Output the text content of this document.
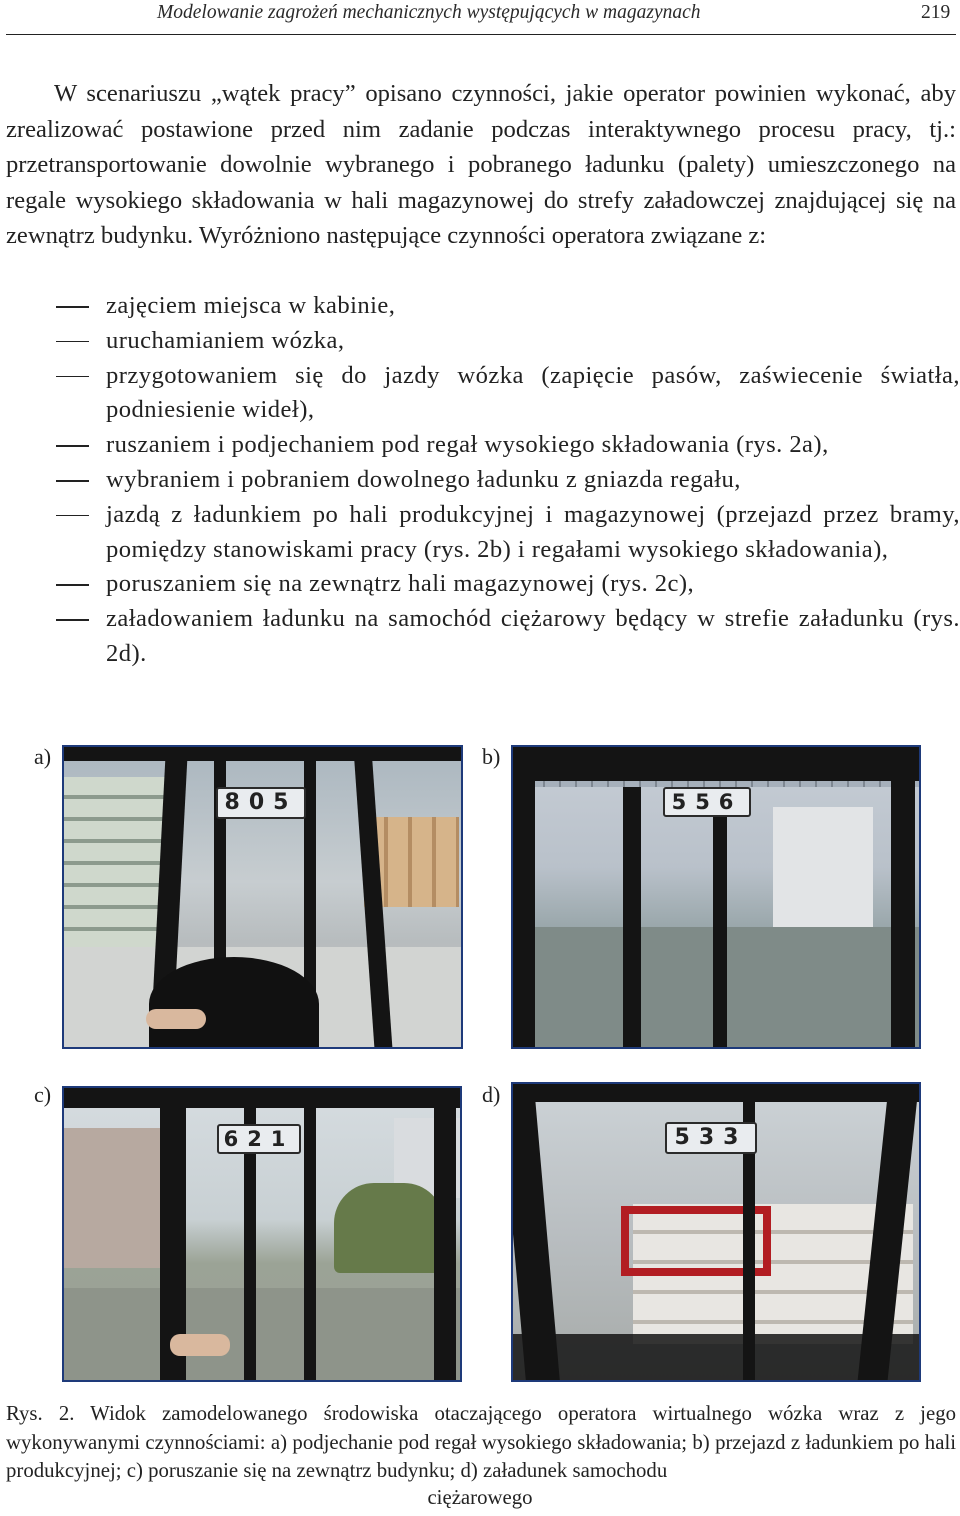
Modelowanie zagrożeń mechanicznych występujących w magazynach	219

W scenariuszu „wątek pracy” opisano czynności, jakie operator powinien wykonać, aby zrealizować postawione przed nim zadanie podczas interaktywnego procesu pracy, tj.: przetransportowanie dowolnie wybranego i pobranego ładunku (palety) umieszczonego na regale wysokiego składowania w hali magazynowej do strefy załadowczej znajdującej się na zewnątrz budynku. Wyróżniono następujące czynności operatora związane z:

zajęciem miejsca w kabinie,
uruchamianiem wózka,
przygotowaniem się do jazdy wózka (zapięcie pasów, zaświecenie światła, podniesienie wideł),
ruszaniem i podjechaniem pod regał wysokiego składowania (rys. 2a),
wybraniem i pobraniem dowolnego ładunku z gniazda regału,
jazdą z ładunkiem po hali produkcyjnej i magazynowej (przejazd przez bramy, pomiędzy stanowiskami pracy (rys. 2b) i regałami wysokiego składowania),
poruszaniem się na zewnątrz hali magazynowej (rys. 2c),
załadowaniem ładunku na samochód ciężarowy będący w strefie załadunku (rys. 2d).
a)	b)
c)	d)
805	556
621	533

Rys. 2. Widok zamodelowanego środowiska otaczającego operatora wirtualnego wózka wraz z jego wykonywanymi czynnościami: a) podjechanie pod regał wysokiego składowania; b) przejazd z ładunkiem po hali produkcyjnej; c) poruszanie się na zewnątrz budynku; d) załadunek samochodu

ciężarowego
